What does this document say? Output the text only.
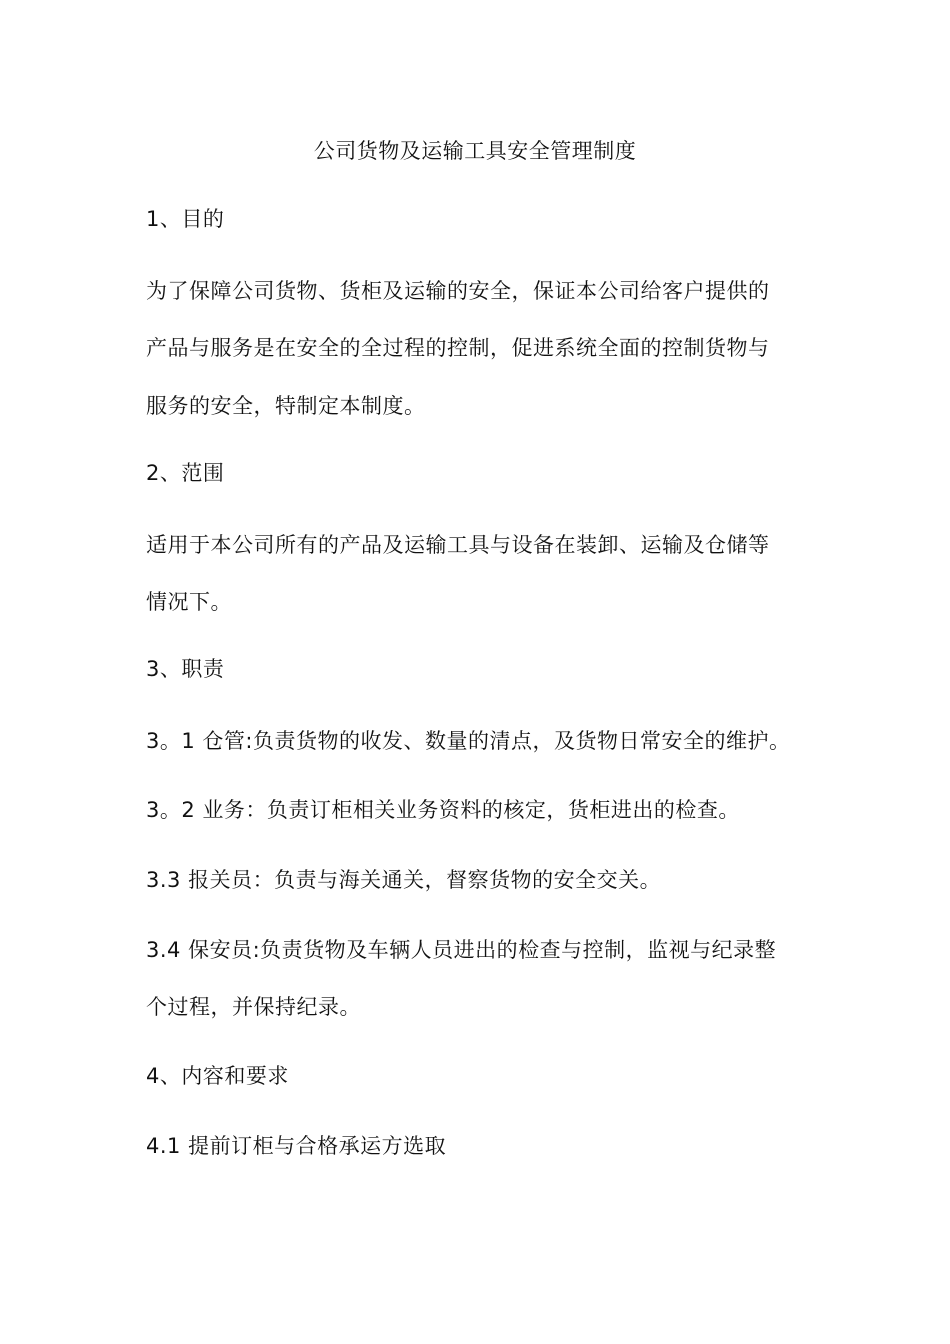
公司货物及运输工具安全管理制度

1、目的

为了保障公司货物、货柜及运输的安全，保证本公司给客户提供的

产品与服务是在安全的全过程的控制，促进系统全面的控制货物与

服务的安全，特制定本制度。

2、范围

适用于本公司所有的产品及运输工具与设备在装卸、运输及仓储等

情况下。

3、职责

3。1 仓管:负责货物的收发、数量的清点，及货物日常安全的维护。

3。2 业务：负责订柜相关业务资料的核定，货柜进出的检查。

3.3 报关员：负责与海关通关，督察货物的安全交关。

3.4 保安员:负责货物及车辆人员进出的检查与控制，监视与纪录整

个过程，并保持纪录。

4、内容和要求

4.1 提前订柜与合格承运方选取
